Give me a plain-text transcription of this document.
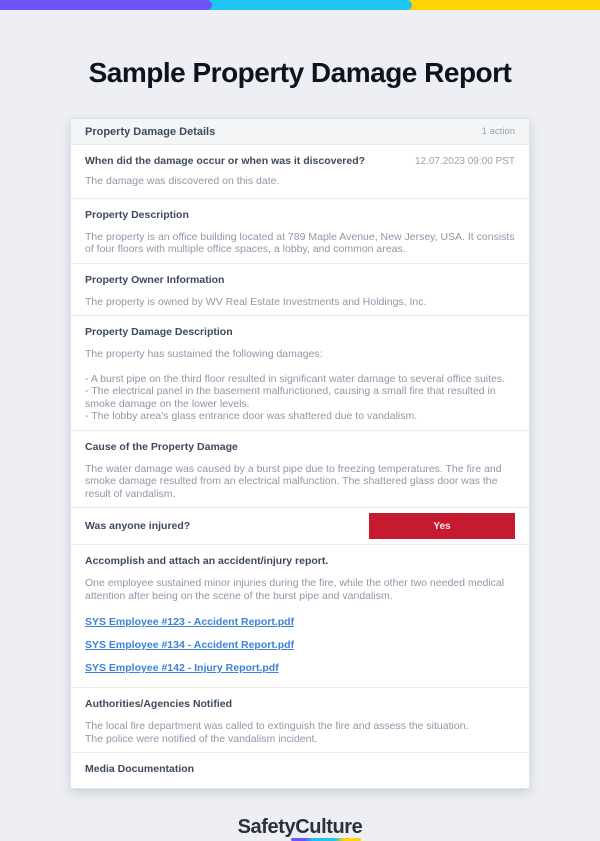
Sample Property Damage Report
Property Damage Details	1 action
When did the damage occur or when was it discovered?	12.07.2023 09:00 PST

The damage was discovered on this date.

Property Description

The property is an office building located at 789 Maple Avenue, New Jersey, USA. It consists of four floors with multiple office spaces, a lobby, and common areas.

Property Owner Information

The property is owned by WV Real Estate Investments and Holdings, Inc.

Property Damage Description

The property has sustained the following damages:

- A burst pipe on the third floor resulted in significant water damage to several office suites.

- The electrical panel in the basement malfunctioned, causing a small fire that resulted in smoke damage on the lower levels.

- The lobby area's glass entrance door was shattered due to vandalism.

Cause of the Property Damage

The water damage was caused by a burst pipe due to freezing temperatures. The fire and smoke damage resulted from an electrical malfunction. The shattered glass door was the result of vandalism.

Was anyone injured?	Yes
Accomplish and attach an accident/injury report.

One employee sustained minor injuries during the fire, while the other two needed medical attention after being on the scene of the burst pipe and vandalism.

SYS Employee #123 - Accident Report.pdf
SYS Employee #134 - Accident Report.pdf
SYS Employee #142 - Injury Report.pdf
Authorities/Agencies Notified

The local fire department was called to extinguish the fire and assess the situation.

The police were notified of the vandalism incident.

Media Documentation
SafetyCulture
